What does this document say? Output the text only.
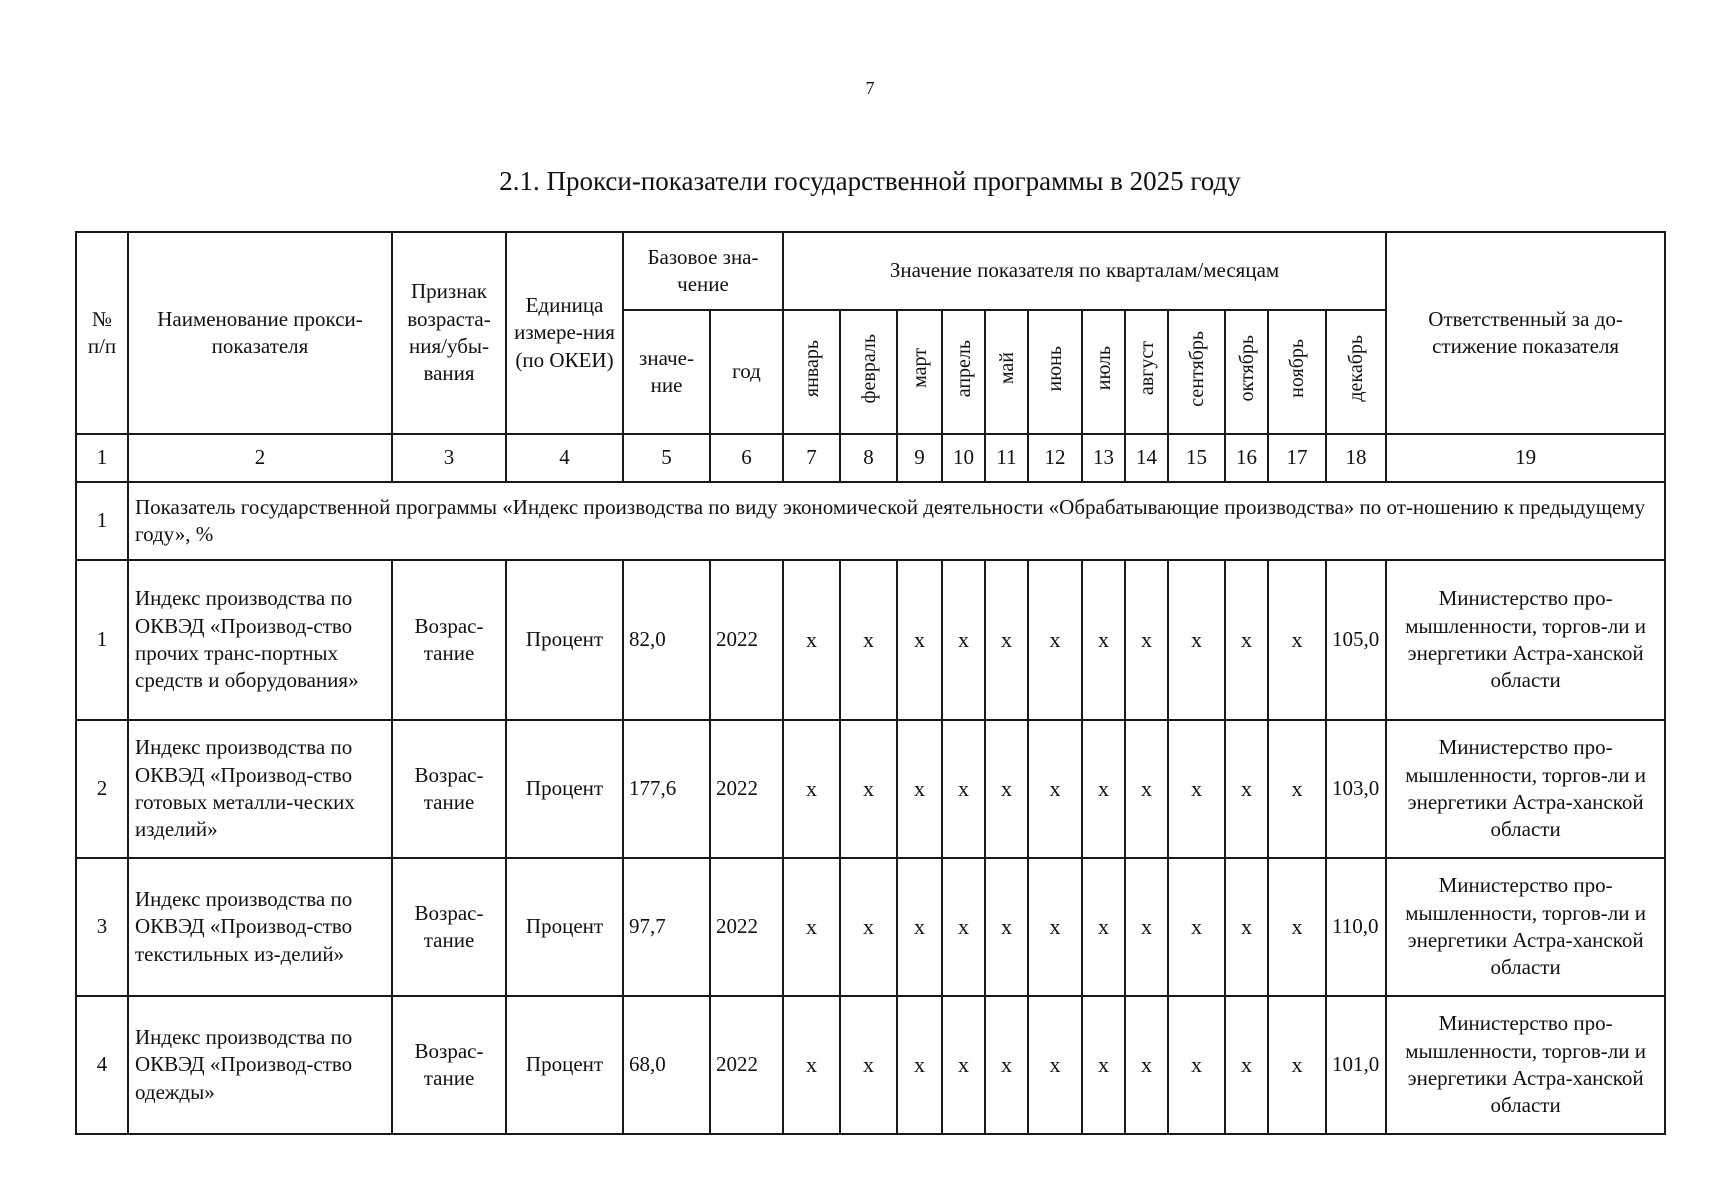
7
2.1. Прокси-показатели государственной программы в 2025 году
№ п/п	Наименование прокси-показателя	Признак возраста-ния/убы-вания	Единица измере-ния (по ОКЕИ)	Базовое зна-чение		Значение показателя по кварталам/месяцам												Ответственный за до-стижение показателя
				значе-ние	год	январь	февраль	март	апрель	май	июнь	июль	август	сентябрь	октябрь	ноябрь	декабрь	
1	2	3	4	5	6	7	8	9	10	11	12	13	14	15	16	17	18	19
1	Показатель государственной программы «Индекс производства по виду экономической деятельности «Обрабатывающие производства» по от-ношению к предыдущему году», %																	
1	Индекс производства по ОКВЭД «Производ-ство прочих транс-портных средств и оборудования»	Возрас-тание	Процент	82,0	2022	х	х	х	х	х	х	х	х	х	х	х	105,0	Министерство про-мышленности, торгов-ли и энергетики Астра-ханской области
2	Индекс производства по ОКВЭД «Производ-ство готовых металли-ческих изделий»	Возрас-тание	Процент	177,6	2022	х	х	х	х	х	х	х	х	х	х	х	103,0	Министерство про-мышленности, торгов-ли и энергетики Астра-ханской области
3	Индекс производства по ОКВЭД «Производ-ство текстильных из-делий»	Возрас-тание	Процент	97,7	2022	х	х	х	х	х	х	х	х	х	х	х	110,0	Министерство про-мышленности, торгов-ли и энергетики Астра-ханской области
4	Индекс производства по ОКВЭД «Производ-ство одежды»	Возрас-тание	Процент	68,0	2022	х	х	х	х	х	х	х	х	х	х	х	101,0	Министерство про-мышленности, торгов-ли и энергетики Астра-ханской области
